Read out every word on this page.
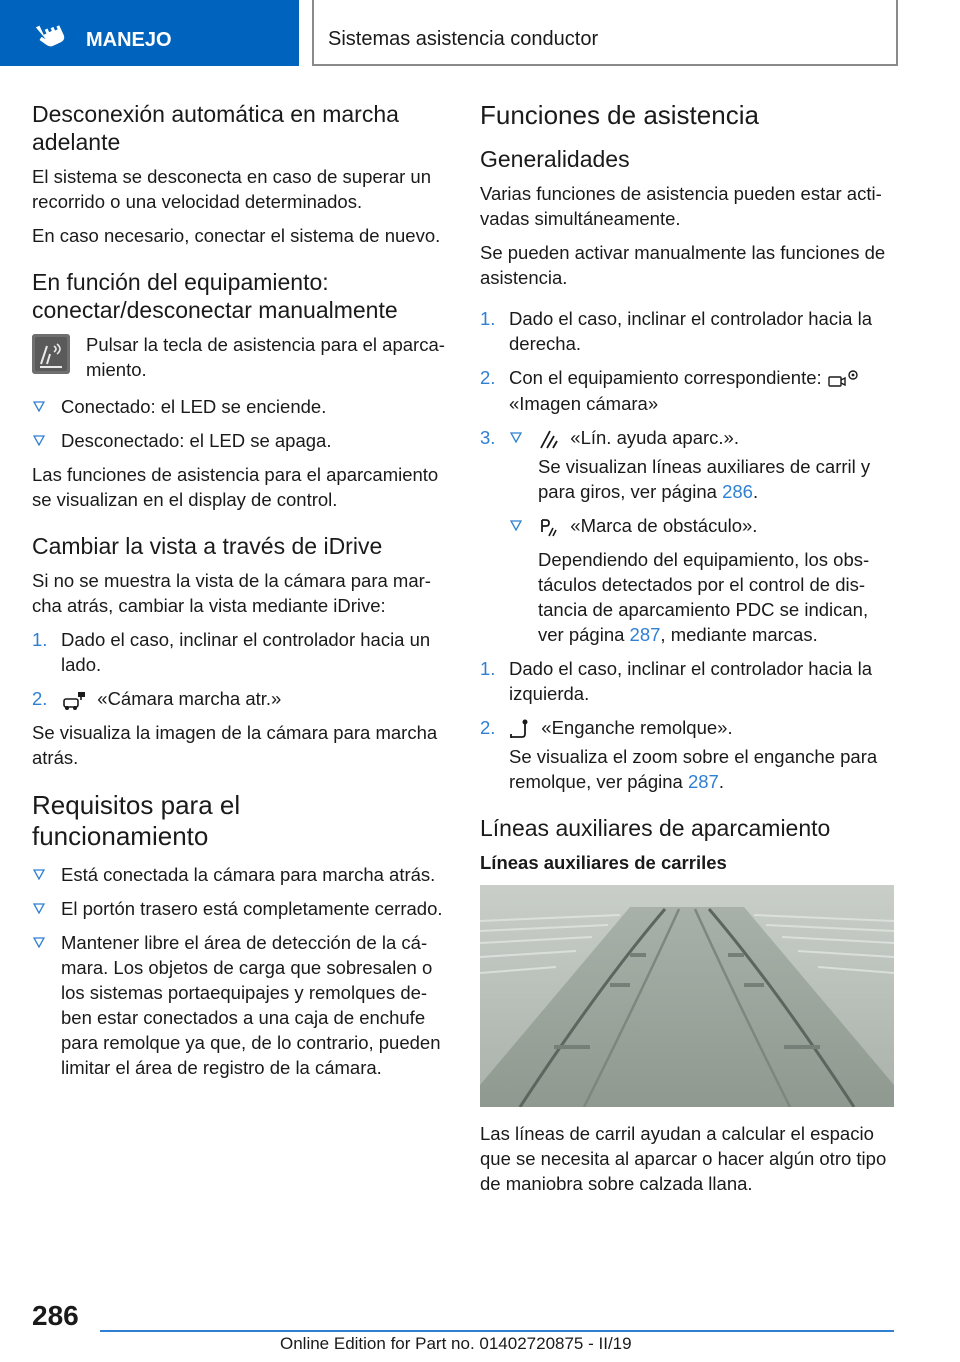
MANEJO	Sistemas asistencia conductor
Desconexión automática en marcha
adelante

El sistema se desconecta en caso de superar un recorrido o una velocidad determinados.

En caso necesario, conectar el sistema de nuevo.

En función del equipamiento:
conectar/desconectar manualmente
Pulsar la tecla de asistencia para el aparcamiento.
Conectado: el LED se enciende.
Desconectado: el LED se apaga.

Las funciones de asistencia para el aparcamiento se visualizan en el display de control.

Cambiar la vista a través de iDrive

Si no se muestra la vista de la cámara para marcha atrás, cambiar la vista mediante iDrive:

1. Dado el caso, inclinar el controlador hacia un lado.
2.	«Cámara marcha atr.»

Se visualiza la imagen de la cámara para marcha atrás.

Requisitos para el
funcionamiento
Está conectada la cámara para marcha atrás.
El portón trasero está completamente cerrado.
Mantener libre el área de detección de la cámara. Los objetos de carga que sobresalen o los sistemas portaequipajes y remolques deben estar conectados a una caja de enchufe para remolque ya que, de lo contrario, pueden limitar el área de registro de la cámara.
Funciones de asistencia
Generalidades

Varias funciones de asistencia pueden estar activadas simultáneamente.

Se pueden activar manualmente las funciones de asistencia.

1. Dado el caso, inclinar el controlador hacia la derecha.
2. Con el equipamiento correspondiente:
«Imagen cámara»
3.	«Lín. ayuda aparc.».
Se visualizan líneas auxiliares de carril y para giros, ver página 286.
«Marca de obstáculo».
Dependiendo del equipamiento, los obstáculos detectados por el control de distancia de aparcamiento PDC se indican, ver página 287, mediante marcas.
1. Dado el caso, inclinar el controlador hacia la izquierda.
2. «Enganche remolque».
Se visualiza el zoom sobre el enganche para remolque, ver página 287.
Líneas auxiliares de aparcamiento
Líneas auxiliares de carriles

Las líneas de carril ayudan a calcular el espacio que se necesita al aparcar o hacer algún otro tipo de maniobra sobre calzada llana.

286
Online Edition for Part no. 01402720875 - II/19
